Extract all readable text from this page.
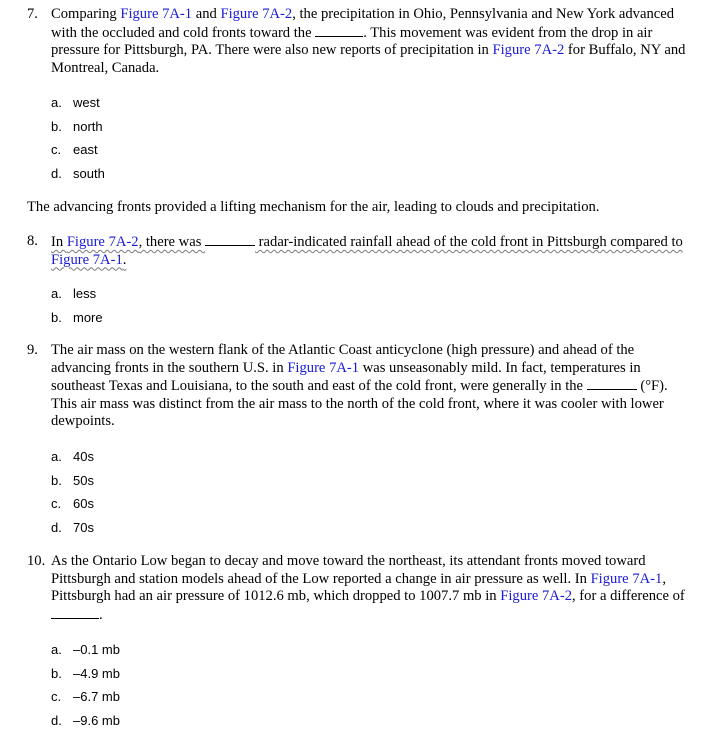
7. Comparing Figure 7A-1 and Figure 7A-2, the precipitation in Ohio, Pennsylvania and New York advanced with the occluded and cold fronts toward the	. This movement was evident from the drop in air pressure for Pittsburgh, PA. There were also new reports of precipitation in Figure 7A-2 for Buffalo, NY and Montreal, Canada.
a. west
b. north
c. east
d. south
The advancing fronts provided a lifting mechanism for the air, leading to clouds and precipitation.
8. In Figure 7A-2, there was	radar-indicated rainfall ahead of the cold front in Pittsburgh compared to Figure 7A-1.
a. less
b. more
9. The air mass on the western flank of the Atlantic Coast anticyclone (high pressure) and ahead of the advancing fronts in the southern U.S. in Figure 7A-1 was unseasonably mild. In fact, temperatures in southeast Texas and Louisiana, to the south and east of the cold front, were generally in the	(°F). This air mass was distinct from the air mass to the north of the cold front, where it was cooler with lower dewpoints.
a. 40s
b. 50s
c. 60s
d. 70s
10. As the Ontario Low began to decay and move toward the northeast, its attendant fronts moved toward Pittsburgh and station models ahead of the Low reported a change in air pressure as well. In Figure 7A-1, Pittsburgh had an air pressure of 1012.6 mb, which dropped to 1007.7 mb in Figure 7A-2, for a difference of .
a. –0.1 mb
b. –4.9 mb
c. –6.7 mb
d. –9.6 mb
